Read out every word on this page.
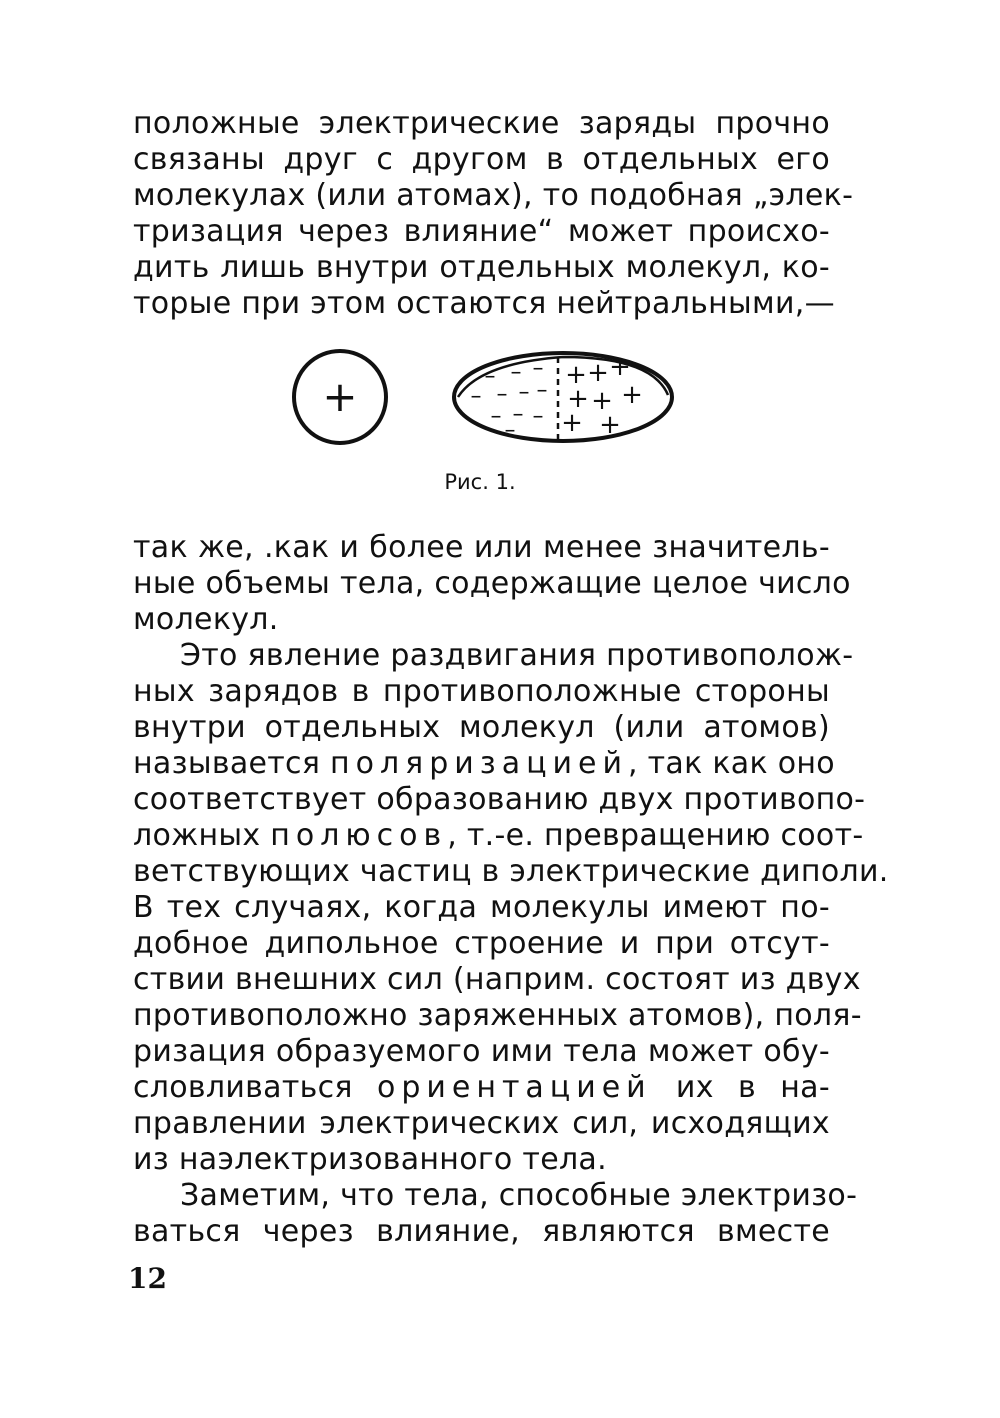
положные электрические заряды прочно
связаны друг с другом в отдельных его
молекулах (или атомах), то подобная „элек-
тризация через влияние“ может происхо-
дить лишь внутри отдельных молекул, ко-
торые при этом остаются нейтральными,—
+	– – –
– – – –
– – –
–
+ + +
+ + +
+ +
Рис. 1.
так же, .как и более или менее значитель-
ные объемы тела, содержащие целое число
молекул.
Это явление раздвигания противополож-
ных зарядов в противоположные стороны
внутри отдельных молекул (или атомов)
называется поляризацией, так как оно
соответствует образованию двух противопо-
ложных полюсов, т.-е. превращению соот-
ветствующих частиц в электрические диполи.
В тех случаях, когда молекулы имеют по-
добное дипольное строение и при отсут-
ствии внешних сил (наприм. состоят из двух
противоположно заряженных атомов), поля-
ризация образуемого ими тела может обу-
словливаться ориентацией их в на-
правлении электрических сил, исходящих
из наэлектризованного тела.
Заметим, что тела, способные электризо-
ваться через влияние, являются вместе
12
